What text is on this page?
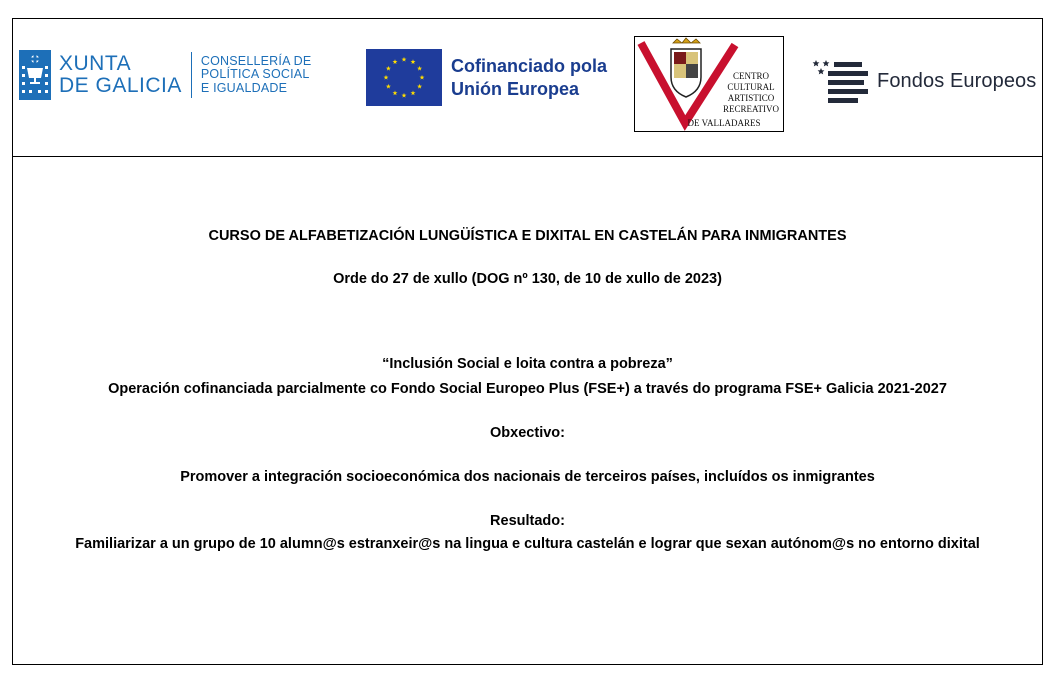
XUNTA
DE GALICIA
CONSELLERÍA DE
POLÍTICA SOCIAL
E IGUALDADE
Cofinanciado pola
Unión Europea
CENTRO
CULTURAL
ARTISTICO
RECREATIVO
DE VALLADARES
Fondos Europeos
CURSO DE ALFABETIZACIÓN LUNGÜÍSTICA E DIXITAL EN CASTELÁN PARA INMIGRANTES
Orde do 27 de xullo (DOG nº 130, de 10 de xullo de 2023)
“Inclusión Social e loita contra a pobreza”
Operación cofinanciada parcialmente co Fondo Social Europeo Plus (FSE+) a través do programa FSE+ Galicia 2021-2027
Obxectivo:
Promover a integración socioeconómica dos nacionais de terceiros países, incluídos os inmigrantes
Resultado:
Familiarizar a un grupo de 10 alumn@s estranxeir@s na lingua e cultura castelán e lograr que sexan autónom@s no entorno dixital
